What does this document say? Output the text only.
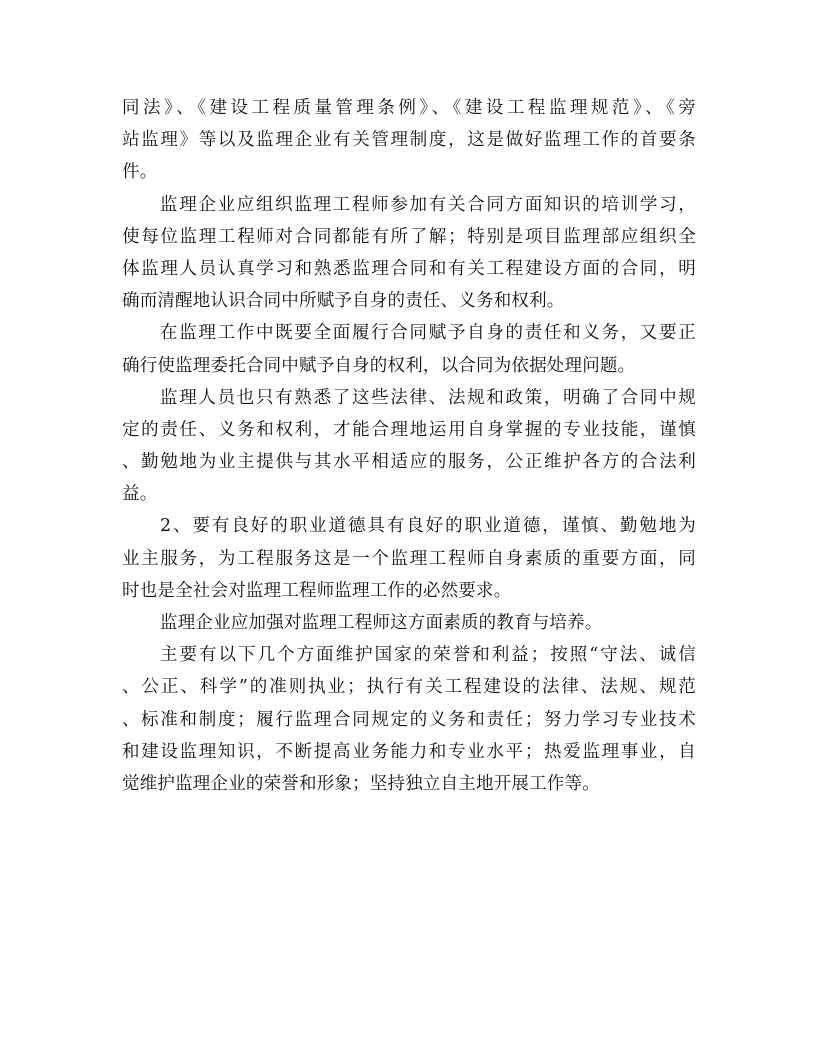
同法》、《建设工程质量管理条例》、《建设工程监理规范》、《旁
站监理》等以及监理企业有关管理制度，这是做好监理工作的首要条
件。
监理企业应组织监理工程师参加有关合同方面知识的培训学习，
使每位监理工程师对合同都能有所了解；特别是项目监理部应组织全
体监理人员认真学习和熟悉监理合同和有关工程建设方面的合同，明
确而清醒地认识合同中所赋予自身的责任、义务和权利。
在监理工作中既要全面履行合同赋予自身的责任和义务，又要正
确行使监理委托合同中赋予自身的权利，以合同为依据处理问题。
监理人员也只有熟悉了这些法律、法规和政策，明确了合同中规
定的责任、义务和权利，才能合理地运用自身掌握的专业技能，谨慎
、勤勉地为业主提供与其水平相适应的服务，公正维护各方的合法利
益。
2、要有良好的职业道德具有良好的职业道德，谨慎、勤勉地为
业主服务，为工程服务这是一个监理工程师自身素质的重要方面，同
时也是全社会对监理工程师监理工作的必然要求。
监理企业应加强对监理工程师这方面素质的教育与培养。
主要有以下几个方面维护国家的荣誉和利益；按照“守法、诚信
、公正、科学”的准则执业；执行有关工程建设的法律、法规、规范
、标准和制度；履行监理合同规定的义务和责任；努力学习专业技术
和建设监理知识，不断提高业务能力和专业水平；热爱监理事业，自
觉维护监理企业的荣誉和形象；坚持独立自主地开展工作等。
